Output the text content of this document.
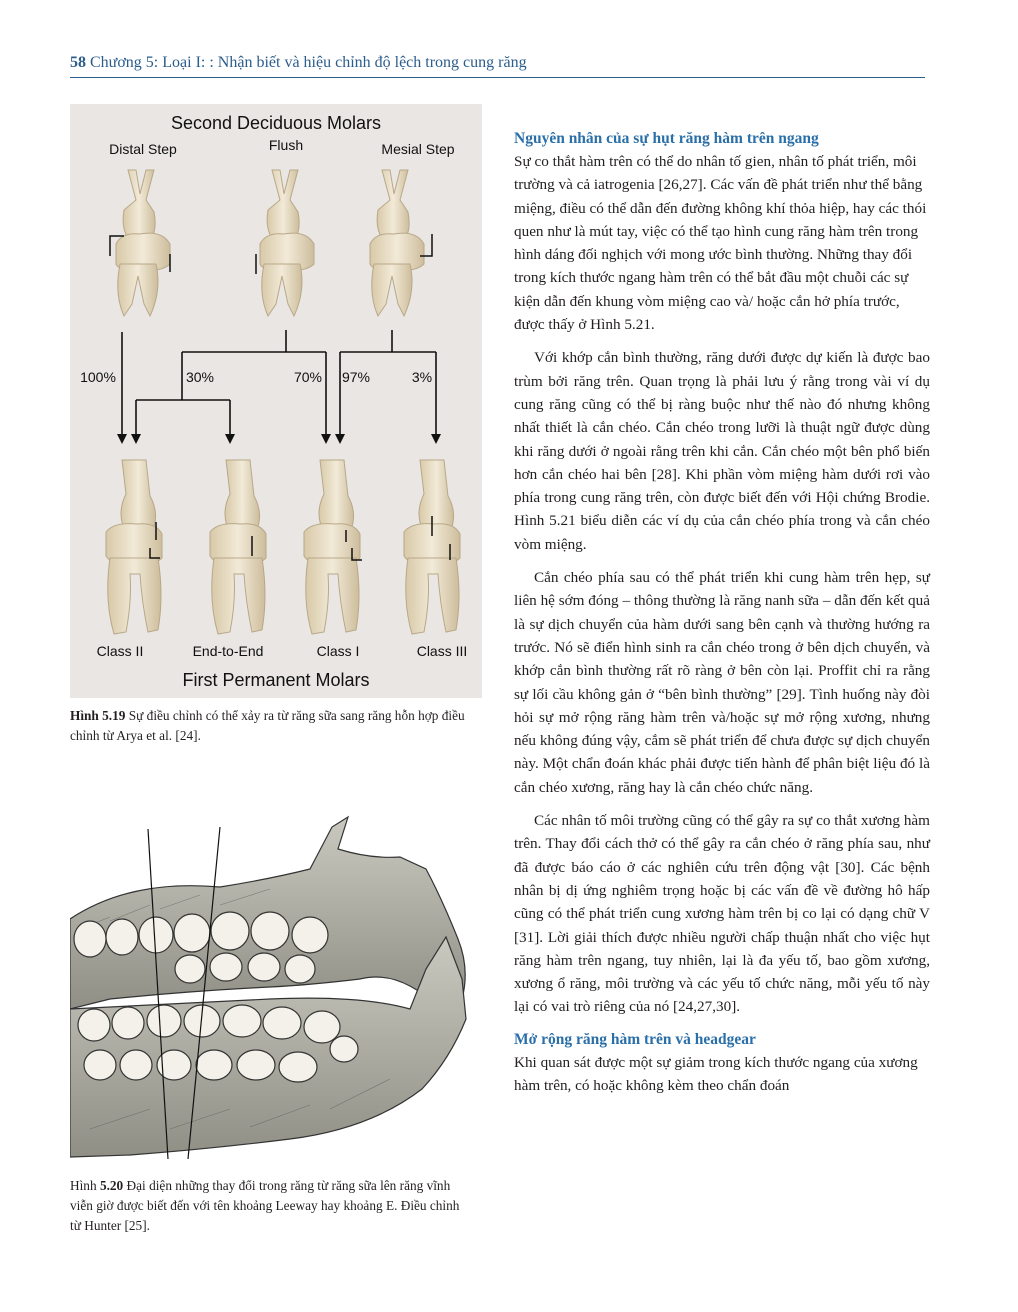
58 Chương 5: Loại I: : Nhận biết và hiệu chỉnh độ lệch trong cung răng
Second Deciduous Molars
Distal Step	Flush	Mesial Step
100%	30%	70% 97%	3%
Class II	End-to-End	Class I	Class III
First Permanent Molars
Hình 5.19 Sự điều chỉnh có thể xảy ra từ răng sữa sang răng hỗn hợp điều chỉnh từ Arya et al. [24].
Hình 5.20 Đại diện những thay đổi trong răng từ răng sữa lên răng vĩnh viễn giờ được biết đến với tên khoảng Leeway hay khoảng E. Điều chỉnh từ Hunter [25].
Nguyên nhân của sự hụt răng hàm trên ngang

Sự co thắt hàm trên có thể do nhân tố gien, nhân tố phát triển, môi trường và cả iatrogenia [26,27]. Các vấn đề phát triển như thể bằng miệng, điều có thể dẫn đến đường không khí thỏa hiệp, hay các thói quen như là mút tay, việc có thể tạo hình cung răng hàm trên trong hình dáng đối nghịch với mong ước bình thường. Những thay đổi trong kích thước ngang hàm trên có thể bắt đầu một chuỗi các sự kiện dẫn đến khung vòm miệng cao và/ hoặc cắn hở phía trước, được thấy ở Hình 5.21.

Với khớp cắn bình thường, răng dưới được dự kiến là được bao trùm bởi răng trên. Quan trọng là phải lưu ý rằng trong vài ví dụ cung răng cũng có thể bị ràng buộc như thế nào đó nhưng không nhất thiết là cắn chéo. Cắn chéo trong lưỡi là thuật ngữ được dùng khi răng dưới ở ngoài rằng trên khi cắn. Cắn chéo một bên phổ biến hơn cắn chéo hai bên [28]. Khi phần vòm miệng hàm dưới rơi vào phía trong cung răng trên, còn được biết đến với Hội chứng Brodie. Hình 5.21 biểu diễn các ví dụ của cắn chéo phía trong và cắn chéo vòm miệng.

Cắn chéo phía sau có thể phát triển khi cung hàm trên hẹp, sự liên hệ sớm đóng – thông thường là răng nanh sữa – dẫn đến kết quả là sự dịch chuyển của hàm dưới sang bên cạnh và thường hướng ra trước. Nó sẽ điển hình sinh ra cắn chéo trong ở bên dịch chuyển, và khớp cắn bình thường rất rõ ràng ở bên còn lại. Proffit chỉ ra rằng sự lối cầu không gản ở “bên bình thường” [29]. Tình huống này đòi hỏi sự mở rộng răng hàm trên và/hoặc sự mở rộng xương, nhưng nếu không đúng vậy, cắm sẽ phát triển để chưa được sự dịch chuyển này. Một chẩn đoán khác phải được tiến hành để phân biệt liệu đó là cắn chéo xương, răng hay là cắn chéo chức năng.

Các nhân tố môi trường cũng có thể gây ra sự co thắt xương hàm trên. Thay đổi cách thở có thể gây ra cắn chéo ở răng phía sau, như đã được báo cáo ở các nghiên cứu trên động vật [30]. Các bệnh nhân bị dị ứng nghiêm trọng hoặc bị các vấn đề về đường hô hấp cũng có thể phát triển cung xương hàm trên bị co lại có dạng chữ V [31]. Lời giải thích được nhiều người chấp thuận nhất cho việc hụt răng hàm trên ngang, tuy nhiên, lại là đa yếu tố, bao gồm xương, xương ổ răng, môi trường và các yếu tố chức năng, mỗi yếu tố này lại có vai trò riêng của nó [24,27,30].

Mở rộng răng hàm trên và headgear

Khi quan sát được một sự giảm trong kích thước ngang của xương hàm trên, có hoặc không kèm theo chẩn đoán
